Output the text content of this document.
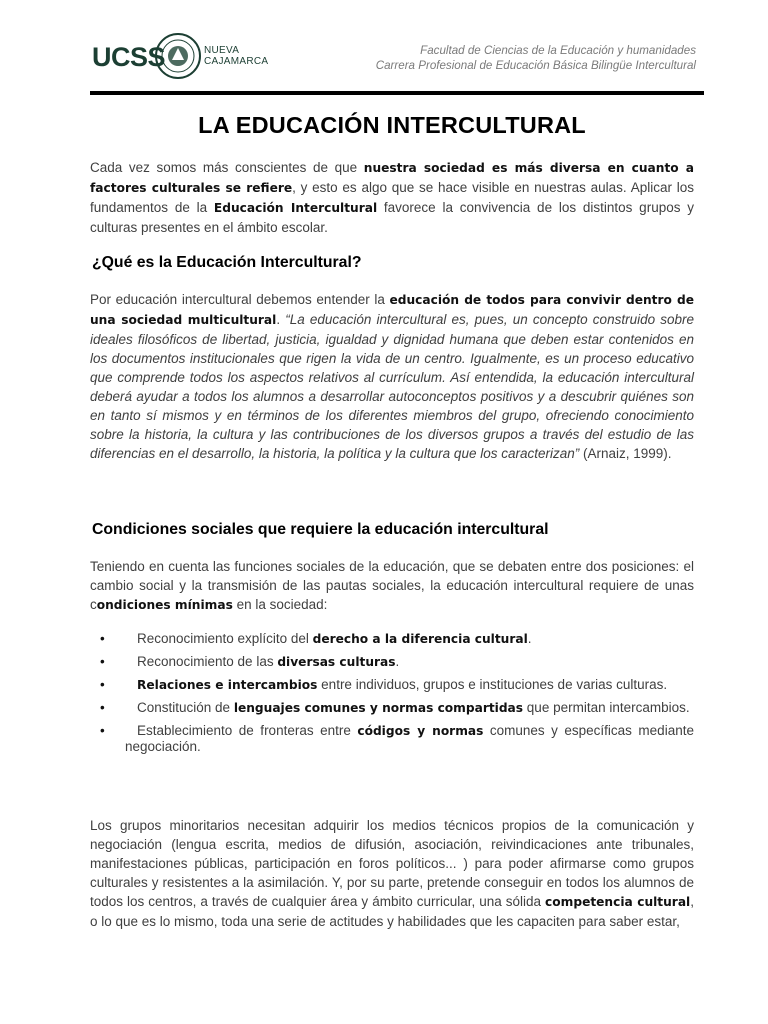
UCSS	NUEVA
CAJAMARCA
Facultad de Ciencias de la Educación y humanidades
Carrera Profesional de Educación Básica Bilingüe Intercultural
LA EDUCACIÓN INTERCULTURAL
Cada vez somos más conscientes de que nuestra sociedad es más diversa en cuanto a factores culturales se refiere, y esto es algo que se hace visible en nuestras aulas. Aplicar los fundamentos de la Educación Intercultural favorece la convivencia de los distintos grupos y culturas presentes en el ámbito escolar.
¿Qué es la Educación Intercultural?
Por educación intercultural debemos entender la educación de todos para convivir dentro de una sociedad multicultural. “La educación intercultural es, pues, un concepto construido sobre ideales filosóficos de libertad, justicia, igualdad y dignidad humana que deben estar contenidos en los documentos institucionales que rigen la vida de un centro. Igualmente, es un proceso educativo que comprende todos los aspectos relativos al currículum. Así entendida, la educación intercultural deberá ayudar a todos los alumnos a desarrollar autoconceptos positivos y a descubrir quiénes son en tanto sí mismos y en términos de los diferentes miembros del grupo, ofreciendo conocimiento sobre la historia, la cultura y las contribuciones de los diversos grupos a través del estudio de las diferencias en el desarrollo, la historia, la política y la cultura que los caracterizan” (Arnaiz, 1999).
Condiciones sociales que requiere la educación intercultural
Teniendo en cuenta las funciones sociales de la educación, que se debaten entre dos posiciones: el cambio social y la transmisión de las pautas sociales, la educación intercultural requiere de unas condiciones mínimas en la sociedad:
• Reconocimiento explícito del derecho a la diferencia cultural.
• Reconocimiento de las diversas culturas.
•	Relaciones e intercambios entre individuos, grupos e instituciones de varias culturas.
• Constitución de lenguajes comunes y normas compartidas que permitan intercambios.
• Establecimiento de fronteras entre códigos y normas comunes y específicas mediante negociación.
Los grupos minoritarios necesitan adquirir los medios técnicos propios de la comunicación y negociación (lengua escrita, medios de difusión, asociación, reivindicaciones ante tribunales, manifestaciones públicas, participación en foros políticos... ) para poder afirmarse como grupos culturales y resistentes a la asimilación. Y, por su parte, pretende conseguir en todos los alumnos de todos los centros, a través de cualquier área y ámbito curricular, una sólida competencia cultural, o lo que es lo mismo, toda una serie de actitudes y habilidades que les capaciten para saber estar,
